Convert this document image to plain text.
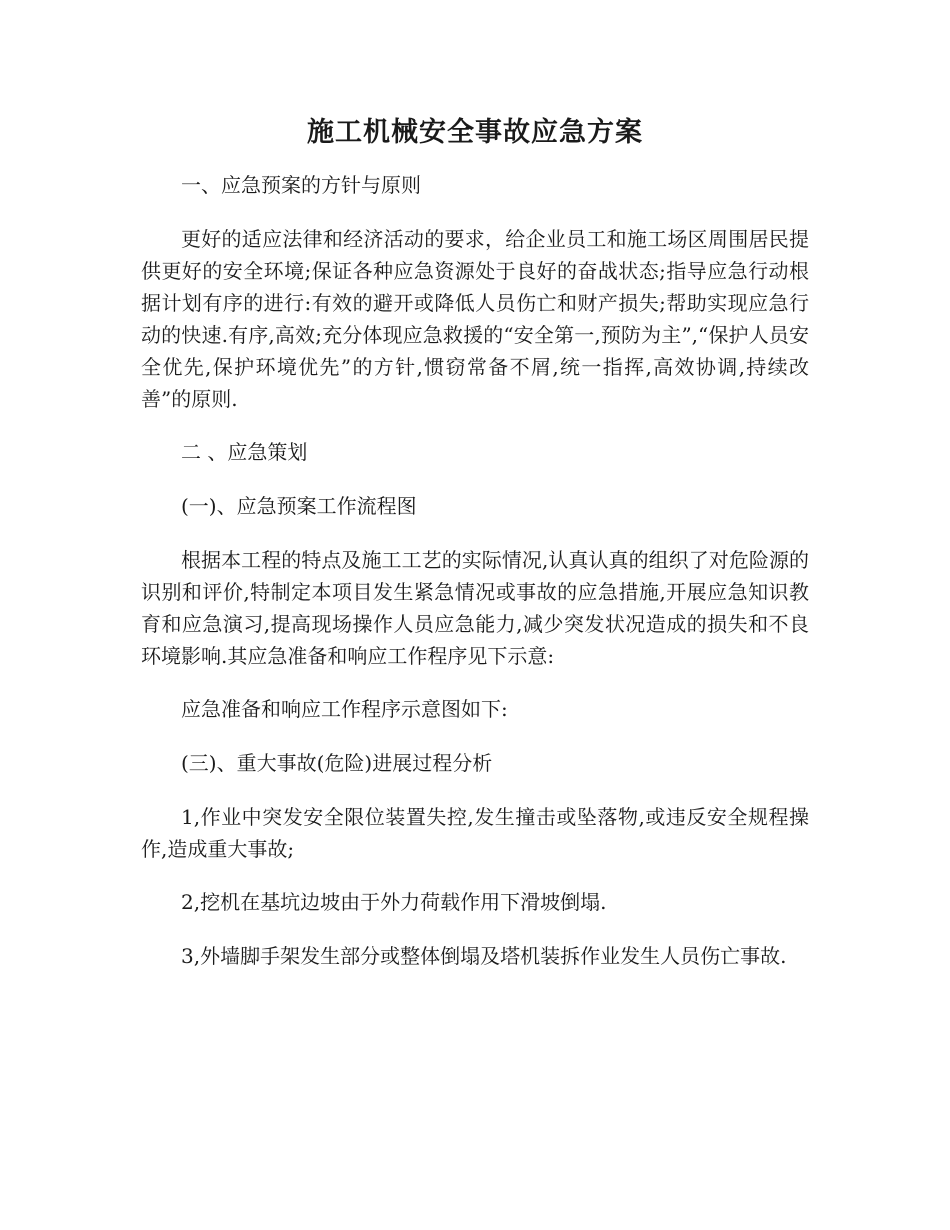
施工机械安全事故应急方案

一、应急预案的方针与原则

更好的适应法律和经济活动的要求，给企业员工和施工场区周围居民提供更好的安全环境;保证各种应急资源处于良好的奋战状态;指导应急行动根据计划有序的进行:有效的避开或降低人员伤亡和财产损失;帮助实现应急行动的快速.有序,高效;充分体现应急救援的“安全第一,预防为主”,“保护人员安全优先,保护环境优先”的方针,惯窃常备不屑,统一指挥,高效协调,持续改善”的原则.

二 、应急策划

(一)、应急预案工作流程图

根据本工程的特点及施工工艺的实际情况,认真认真的组织了对危险源的识别和评价,特制定本项目发生紧急情况或事故的应急措施,开展应急知识教育和应急演习,提高现场操作人员应急能力,减少突发状况造成的损失和不良环境影响.其应急准备和响应工作程序见下示意:

应急准备和响应工作程序示意图如下:

(三)、重大事故(危险)进展过程分析

1,作业中突发安全限位装置失控,发生撞击或坠落物,或违反安全规程操作,造成重大事故;

2,挖机在基坑边坡由于外力荷载作用下滑坡倒塌.

3,外墙脚手架发生部分或整体倒塌及塔机装拆作业发生人员伤亡事故.
